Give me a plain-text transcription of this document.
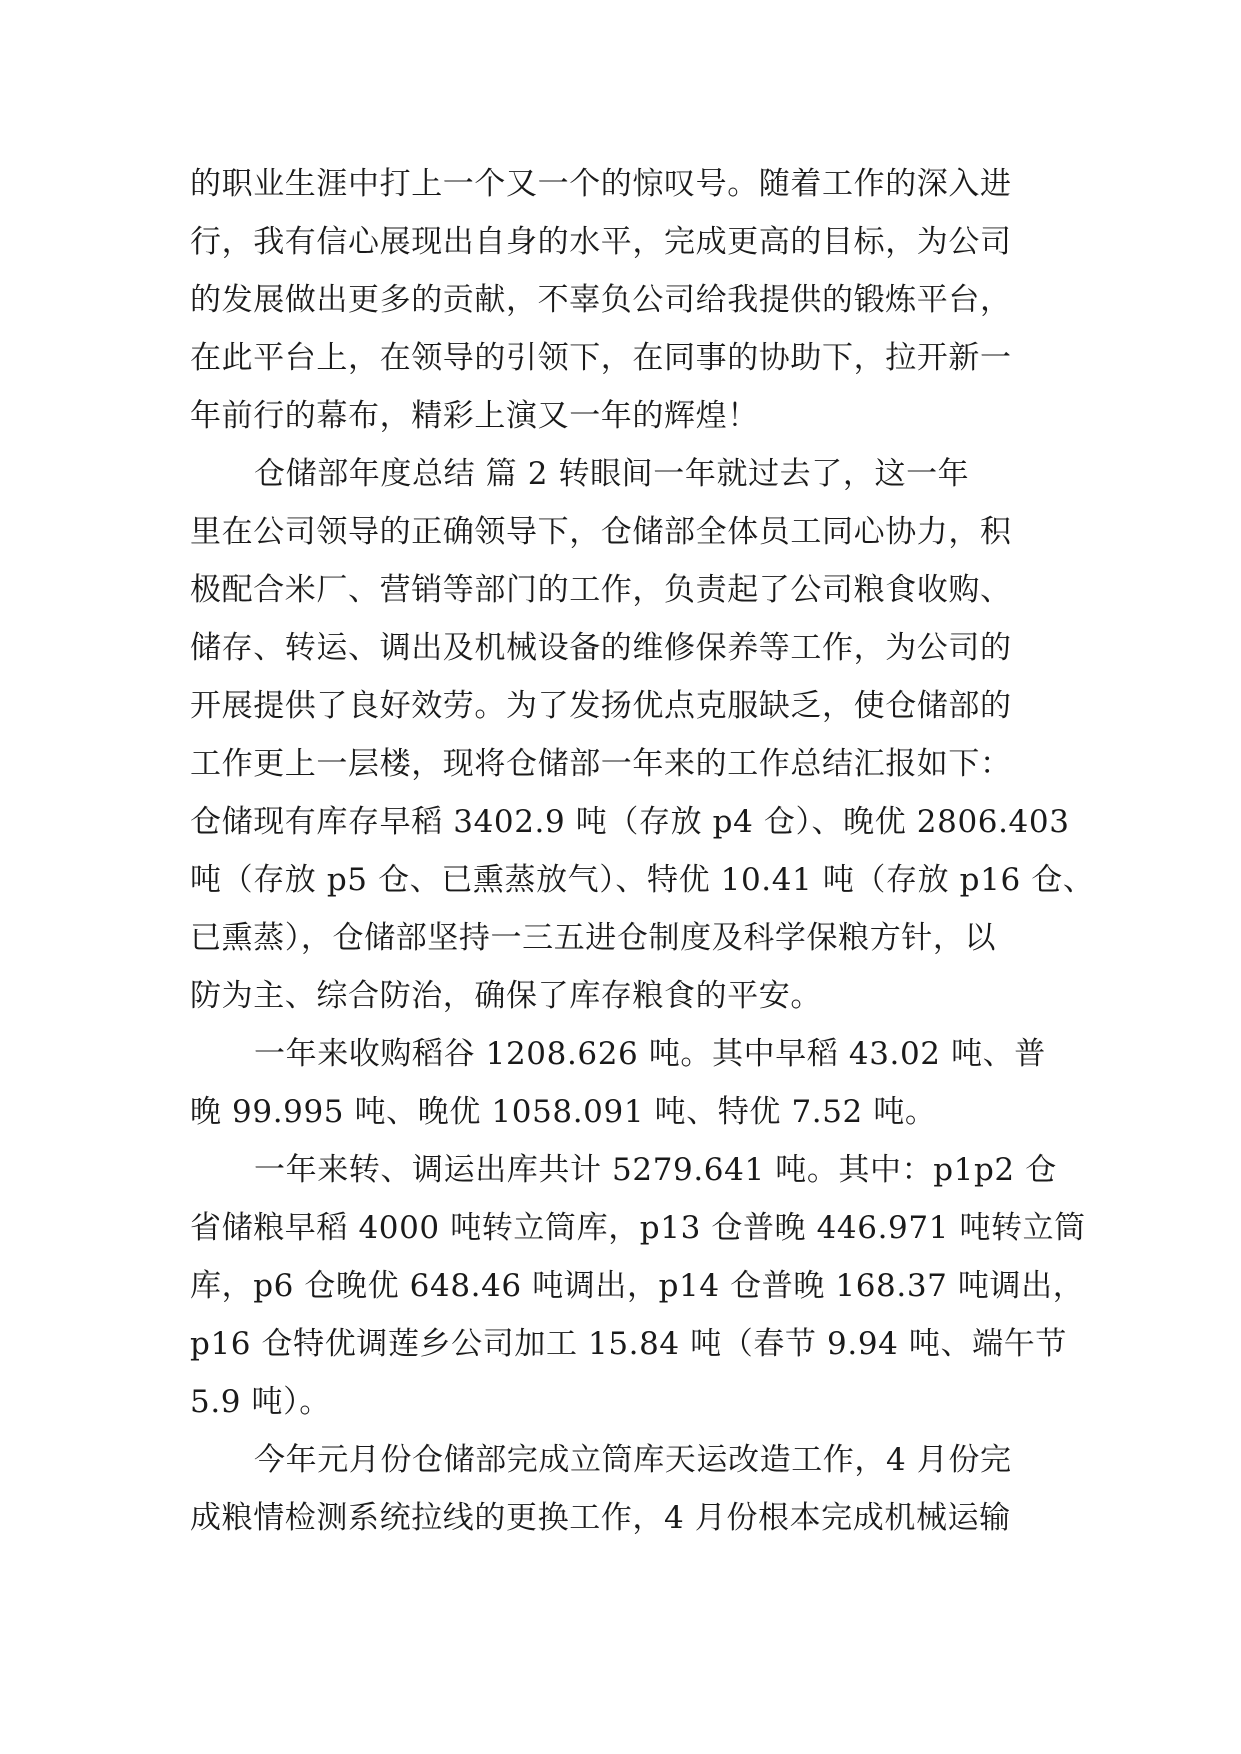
的职业生涯中打上一个又一个的惊叹号。随着工作的深入进
行，我有信心展现出自身的水平，完成更高的目标，为公司
的发展做出更多的贡献，不辜负公司给我提供的锻炼平台，
在此平台上，在领导的引领下，在同事的协助下，拉开新一
年前行的幕布，精彩上演又一年的辉煌！
仓储部年度总结 篇 2 转眼间一年就过去了，这一年
里在公司领导的正确领导下，仓储部全体员工同心协力，积
极配合米厂、营销等部门的工作，负责起了公司粮食收购、
储存、转运、调出及机械设备的维修保养等工作，为公司的
开展提供了良好效劳。为了发扬优点克服缺乏，使仓储部的
工作更上一层楼，现将仓储部一年来的工作总结汇报如下：
仓储现有库存早稻 3402.9 吨（存放 p4 仓）、晚优 2806.403
吨（存放 p5 仓、已熏蒸放气）、特优 10.41 吨（存放 p16 仓、
已熏蒸），仓储部坚持一三五进仓制度及科学保粮方针，以
防为主、综合防治，确保了库存粮食的平安。
一年来收购稻谷 1208.626 吨。其中早稻 43.02 吨、普
晚 99.995 吨、晚优 1058.091 吨、特优 7.52 吨。
一年来转、调运出库共计 5279.641 吨。其中：p1p2 仓
省储粮早稻 4000 吨转立筒库，p13 仓普晚 446.971 吨转立筒
库，p6 仓晚优 648.46 吨调出，p14 仓普晚 168.37 吨调出，
p16 仓特优调莲乡公司加工 15.84 吨（春节 9.94 吨、端午节
5.9 吨）。
今年元月份仓储部完成立筒库天运改造工作，4 月份完
成粮情检测系统拉线的更换工作，4 月份根本完成机械运输
